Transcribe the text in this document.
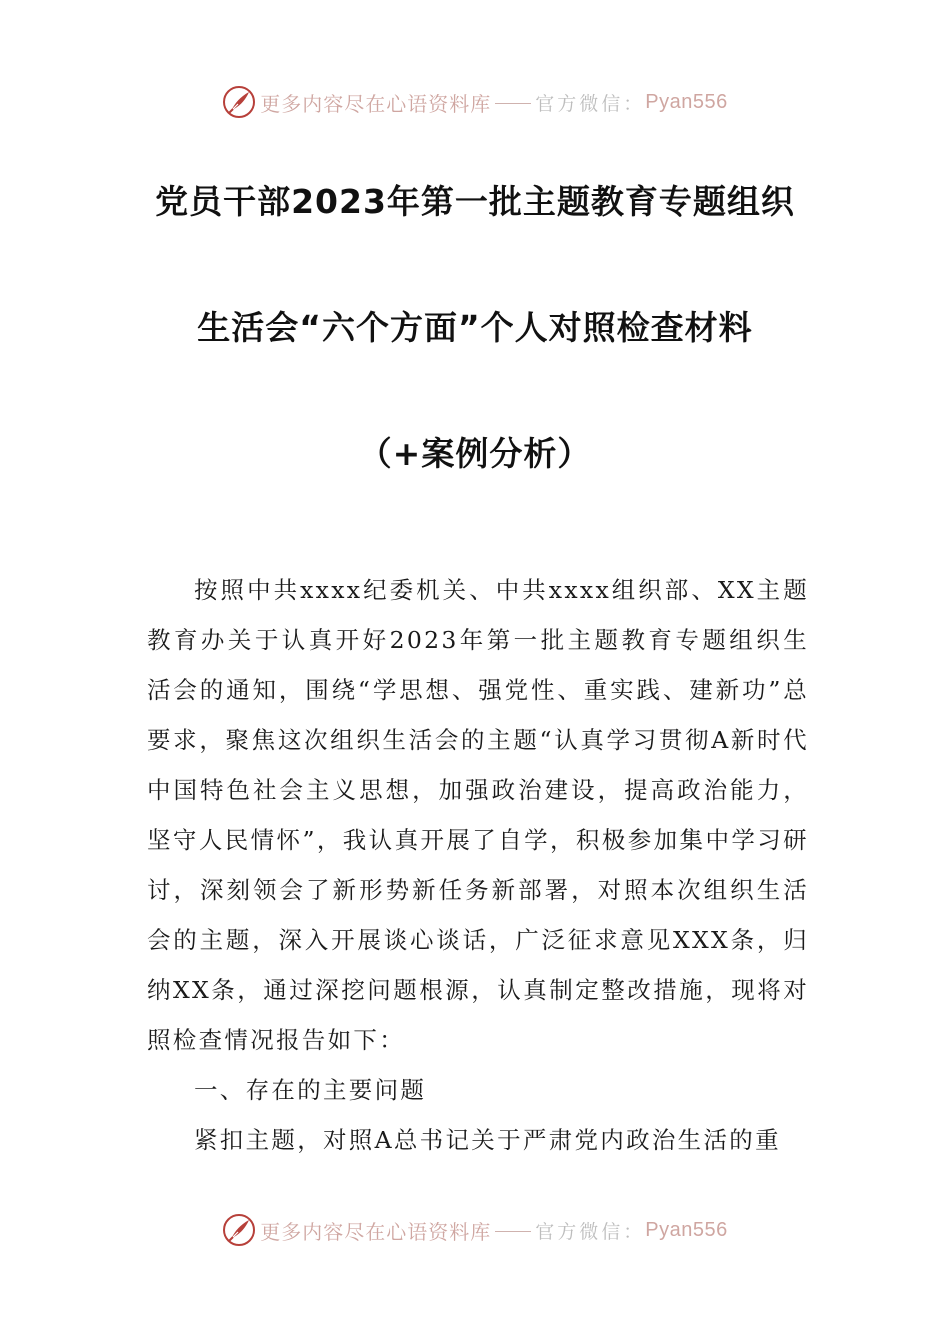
更多内容尽在心语资料库 官方微信： Pyan556
党员干部2023年第一批主题教育专题组织
生活会“六个方面”个人对照检查材料
（+案例分析）

按照中共xxxx纪委机关、中共xxxx组织部、XX主题教育办关于认真开好2023年第一批主题教育专题组织生活会的通知，围绕“学思想、强党性、重实践、建新功”总要求，聚焦这次组织生活会的主题“认真学习贯彻A新时代中国特色社会主义思想，加强政治建设，提高政治能力，坚守人民情怀”，我认真开展了自学，积极参加集中学习研讨，深刻领会了新形势新任务新部署，对照本次组织生活会的主题，深入开展谈心谈话，广泛征求意见XXX条，归纳XX条，通过深挖问题根源，认真制定整改措施，现将对照检查情况报告如下：

一、存在的主要问题

紧扣主题，对照A总书记关于严肃党内政治生活的重

更多内容尽在心语资料库 官方微信： Pyan556
